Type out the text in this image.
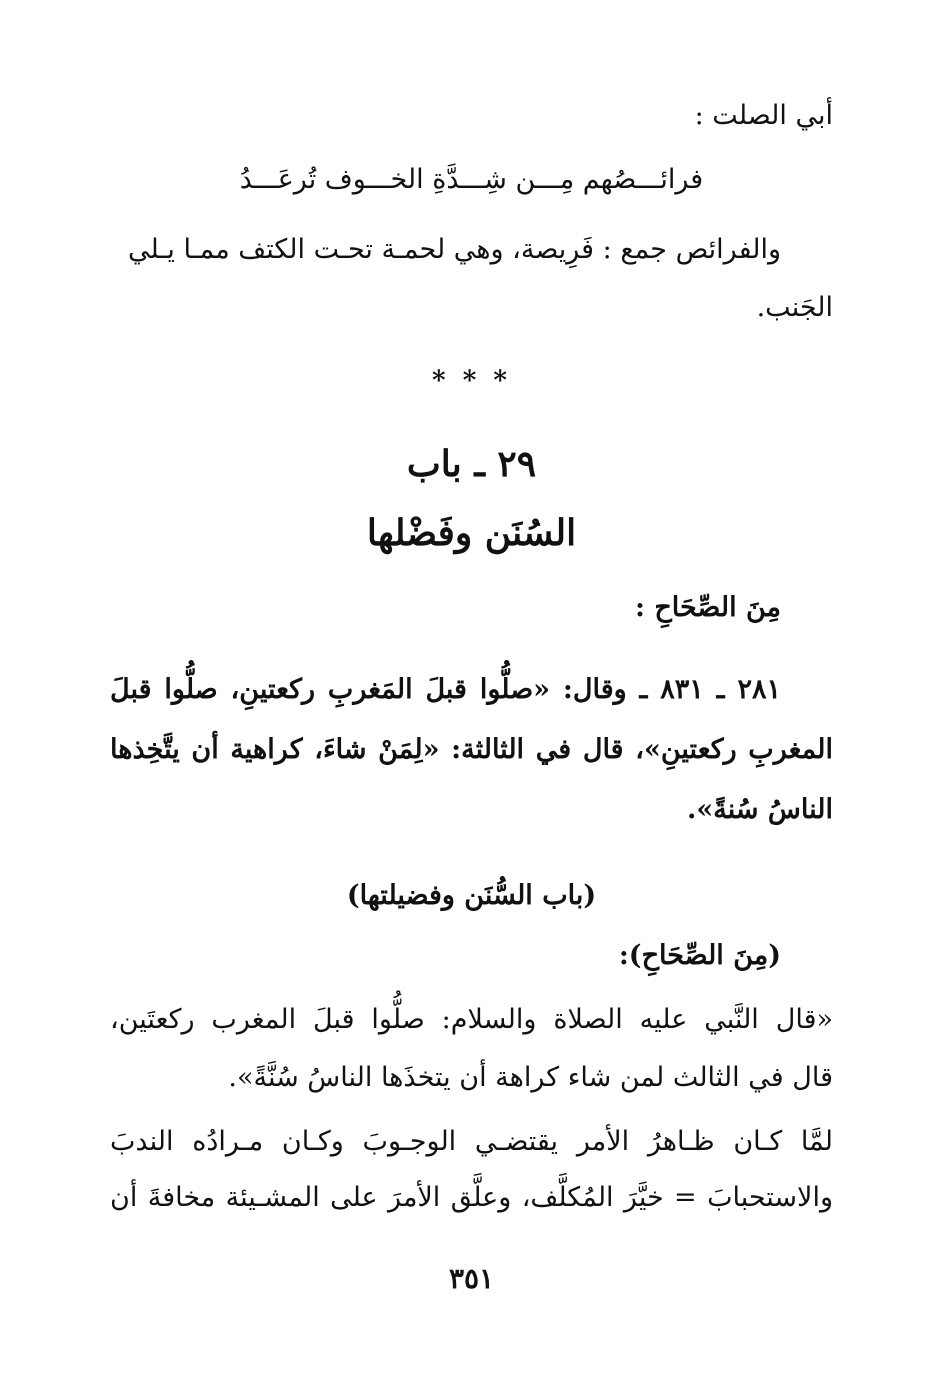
أبي الصلت :
فرائـــصُهم مِـــن شِـــدَّةِ الخـــوف تُرعَـــدُ
والفرائص جمع : فَرِيصة، وهي لحمـة تحـت الكتف ممـا يـلي
الجَنب.
* * *
٢٩ ـ باب
السُنَن وفَضْلها
مِنَ الصِّحَاحِ :
٢٨١ ـ ٨٣١ ـ وقال: «صلُّوا قبلَ المَغربِ ركعتينِ، صلُّوا قبلَ
المغربِ ركعتينِ»، قال في الثالثة: «لِمَنْ شاءَ، كراهية أن يتَّخِذها
الناسُ سُنةً».
(باب السُّنَن وفضيلتها)
(مِنَ الصِّحَاحِ):
«قال النَّبي عليه الصلاة والسلام: صلُّوا قبلَ المغرب ركعتَين،
قال في الثالث لمن شاء كراهة أن يتخذَها الناسُ سُنَّةً».
لمَّا كـان ظـاهرُ الأمر يقتضـي الوجـوبَ وكـان مـرادُه الندبَ
والاستحبابَ = خيَّرَ المُكلَّف، وعلَّق الأمرَ على المشـيئة مخافةَ أن
٣٥١
